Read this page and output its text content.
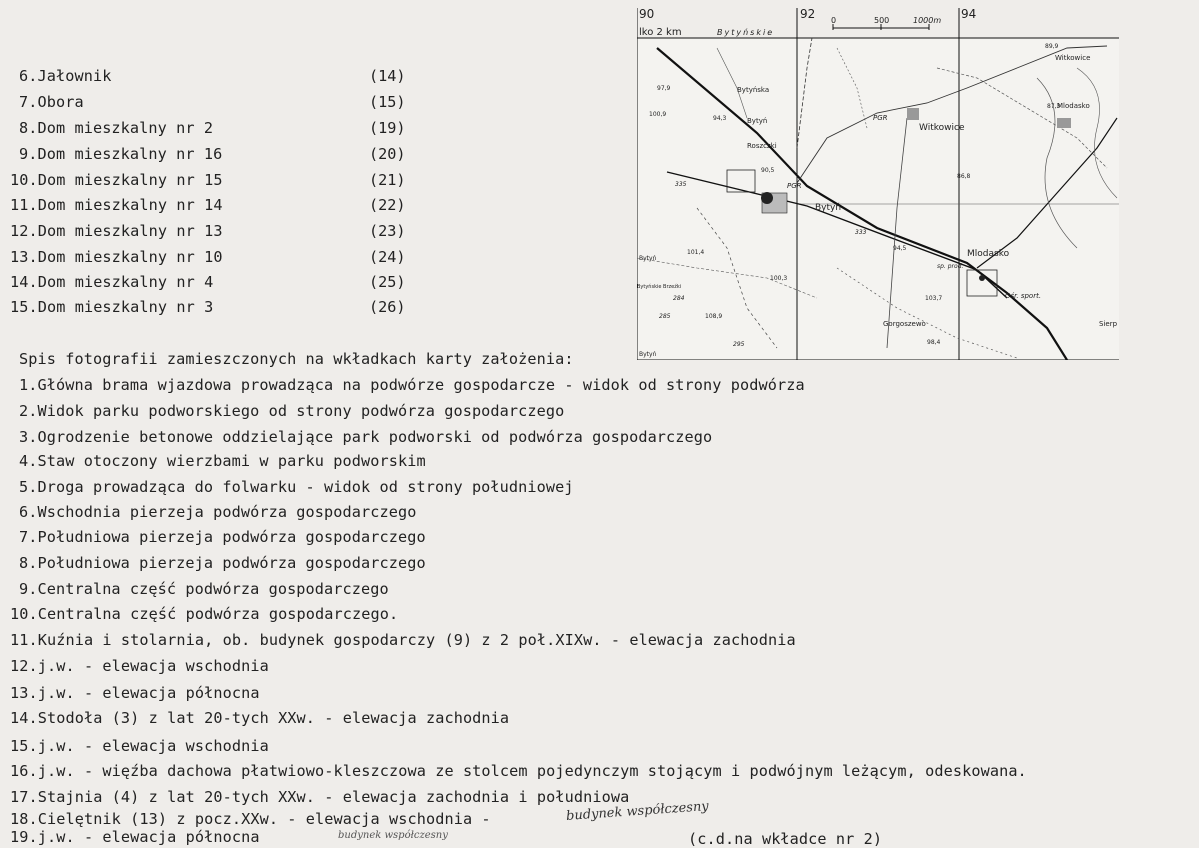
6.Jałownik	(14)
7.Obora	(15)
8.Dom mieszkalny nr 2	(19)
9.Dom mieszkalny nr 16	(20)
10.Dom mieszkalny nr 15	(21)
11.Dom mieszkalny nr 14	(22)
12.Dom mieszkalny nr 13	(23)
13.Dom mieszkalny nr 10	(24)
14.Dom mieszkalny nr 4	(25)
15.Dom mieszkalny nr 3	(26)
90	92	94
lko 2 km	Bytyńskie
0	500	1000m
Witkowice
Bytyń
Roszczki
Bytyń
Mlodasko
Gorgoszewo	Sierp
Bytyńska
PGR
PGR
Witkowice
Bytyńskie Brzeźki
Mlodasko
sp. prod.
Ośr. sport.
Bytyń
Bytyń
97,9
100,9
94,3
90,5
89,9
87,3
86,8
101,4
100,3
94,5
103,7
108,9
98,4
284
285
333
335
295
Spis fotografii zamieszczonych na wkładkach karty założenia:
1.Główna brama wjazdowa prowadząca na podwórze gospodarcze - widok od strony podwórza
2.Widok parku podworskiego od strony podwórza gospodarczego
3.Ogrodzenie betonowe oddzielające park podworski od podwórza gospodarczego
4.Staw otoczony wierzbami w parku podworskim
5.Droga prowadząca do folwarku - widok od strony południowej
6.Wschodnia pierzeja podwórza gospodarczego
7.Południowa pierzeja podwórza gospodarczego
8.Południowa pierzeja podwórza gospodarczego
9.Centralna część podwórza gospodarczego
10.Centralna część podwórza gospodarczego.
11.Kuźnia i stolarnia, ob. budynek gospodarczy (9) z 2 poł.XIXw. - elewacja zachodnia
12.j.w. - elewacja wschodnia
13.j.w. - elewacja północna
14.Stodoła (3) z lat 20-tych XXw. - elewacja zachodnia
15.j.w. - elewacja wschodnia
16.j.w. - więźba dachowa płatwiowo-kleszczowa ze stolcem pojedynczym stojącym i podwójnym leżącym, odeskowana.
17.Stajnia (4) z lat 20-tych XXw. - elewacja zachodnia i południowa
18.Cielętnik (13) z pocz.XXw. - elewacja wschodnia -
19.j.w. - elewacja północna
budynek współczesny
budynek współczesny	(c.d.na wkładce nr 2)
